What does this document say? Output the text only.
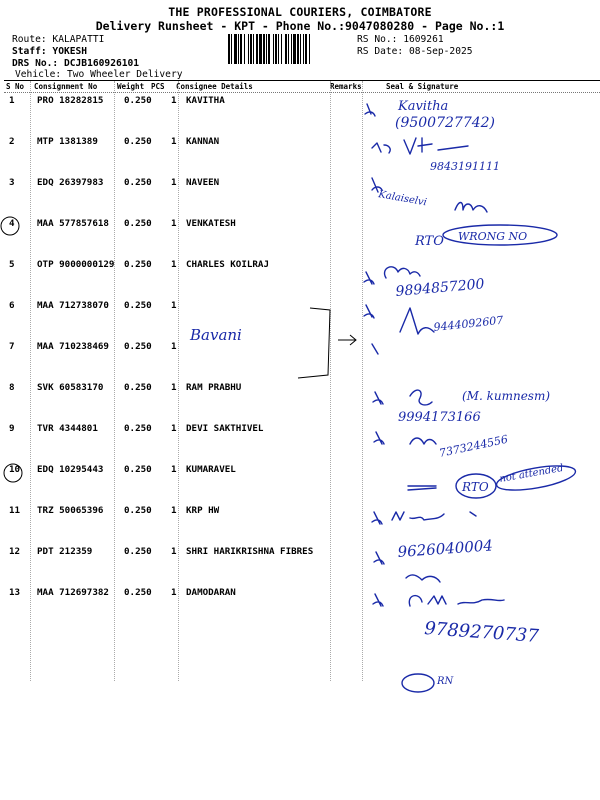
THE PROFESSIONAL COURIERS, COIMBATORE
Delivery Runsheet - KPT - Phone No.:9047080280 - Page No.:1
Route: KALAPATTI
Staff: YOKESH
DRS No.: DCJB160926101
Vehicle: Two Wheeler Delivery
RS No.: 1609261
RS Date: 08-Sep-2025
S No Consignment No	Weight PCS Consignee Details	Remarks	Seal & Signature
1 PRO 18282815 0.250 1 KAVITHA
2 MTP 1381389	0.250 1 KANNAN
3 EDQ 26397983 0.250 1 NAVEEN
4 MAA 577857618 0.250 1 VENKATESH
5 OTP 9000000129 0.250 1 CHARLES KOILRAJ
6 MAA 712738070 0.250 1
7 MAA 710238469 0.250 1
8 SVK 60583170 0.250 1 RAM PRABHU
9 TVR 4344801	0.250 1 DEVI SAKTHIVEL
10 EDQ 10295443 0.250 1 KUMARAVEL
11 TRZ 50065396 0.250 1 KRP HW
12 PDT 212359	0.250 1 SHRI HARIKRISHNA FIBRES
13 MAA 712697382 0.250 1 DAMODARAN
Kavitha
(9500727742)
9843191111
Kalaiselvi
RTO WRONG NO
9894857200
Bavani
9444092607
(M. kumnesm)
9994173166
7373244556
RTO
not attended
9626040004
9789270737
RN
